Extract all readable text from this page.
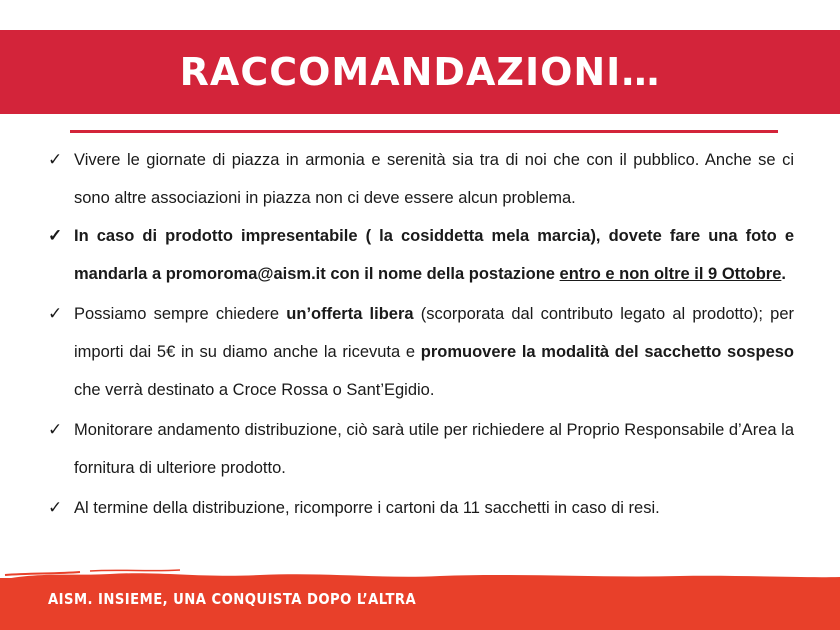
RACCOMANDAZIONI…
✓ Vivere le giornate di piazza in armonia e serenità sia tra di noi che con il pubblico. Anche se ci sono altre associazioni in piazza non ci deve essere alcun problema.
✓ In caso di prodotto impresentabile ( la cosiddetta mela marcia), dovete fare una foto e mandarla a promoroma@aism.it con il nome della postazione entro e non oltre il 9 Ottobre.
✓ Possiamo sempre chiedere un’offerta libera (scorporata dal contributo legato al prodotto); per importi dai 5€ in su diamo anche la ricevuta e promuovere la modalità del sacchetto sospeso che verrà destinato a Croce Rossa o Sant’Egidio.
✓ Monitorare andamento distribuzione, ciò sarà utile per richiedere al Proprio Responsabile d’Area la fornitura di ulteriore prodotto.
✓ Al termine della distribuzione, ricomporre i cartoni da 11 sacchetti in caso di resi.
AISM. INSIEME, UNA CONQUISTA DOPO L’ALTRA
